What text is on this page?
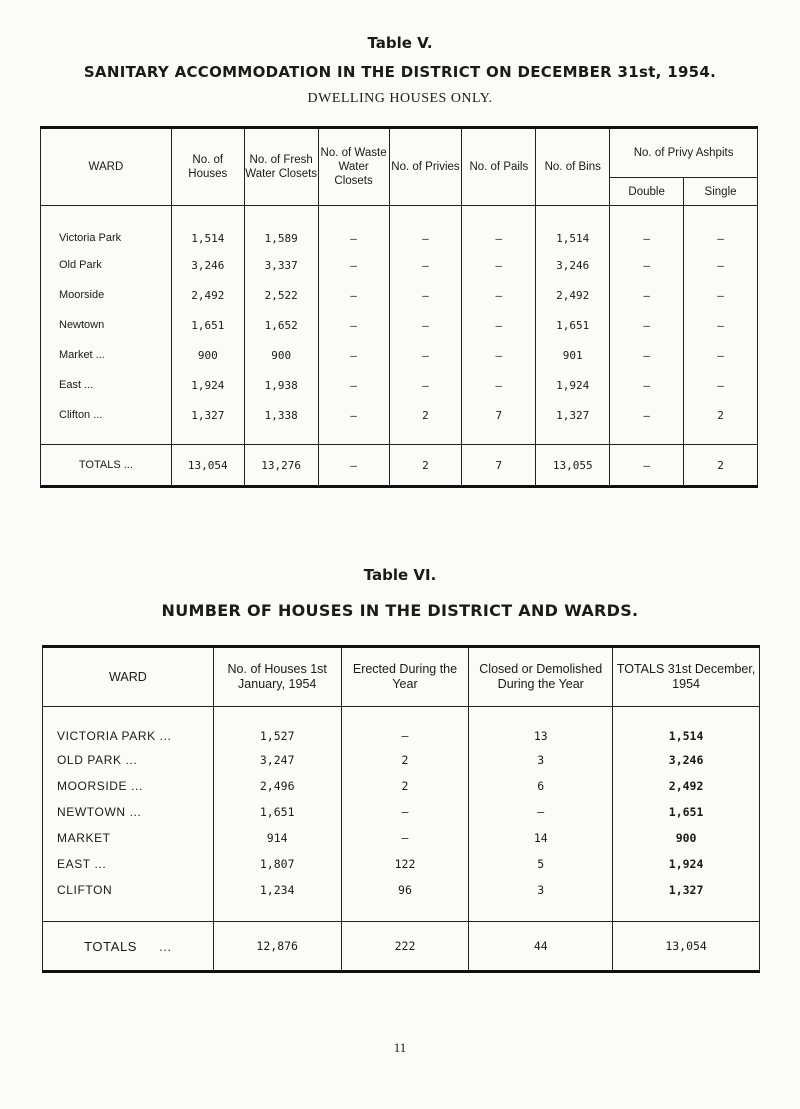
Table V.
SANITARY ACCOMMODATION IN THE DISTRICT ON DECEMBER 31st, 1954.
DWELLING HOUSES ONLY.
WARD	No. of Houses	No. of Fresh Water Closets	No. of Waste Water Closets	No. of Privies	No. of Pails	No. of Bins	No. of Privy Ashpits	
							Double	Single
Victoria Park	1,514	1,589	—	—	—	1,514	—	—
Old Park	3,246	3,337	—	—	—	3,246	—	—
Moorside	2,492	2,522	—	—	—	2,492	—	—
Newtown	1,651	1,652	—	—	—	1,651	—	—
Market ...	900	900	—	—	—	901	—	—
East ...	1,924	1,938	—	—	—	1,924	—	—
Clifton ...	1,327	1,338	—	2	7	1,327	—	2
TOTALS ...	13,054	13,276	—	2	7	13,055	—	2
Table VI.
NUMBER OF HOUSES IN THE DISTRICT AND WARDS.
WARD	No. of Houses 1st January, 1954	Erected During the Year	Closed or Demolished During the Year	TOTALS 31st December, 1954
VICTORIA PARK ...	1,527	—	13	1,514
OLD PARK ...	3,247	2	3	3,246
MOORSIDE ...	2,496	2	6	2,492
NEWTOWN ...	1,651	—	—	1,651
MARKET	914	—	14	900
EAST ...	1,807	122	5	1,924
CLIFTON	1,234	96	3	1,327
TOTALS ...	12,876	222	44	13,054
11
